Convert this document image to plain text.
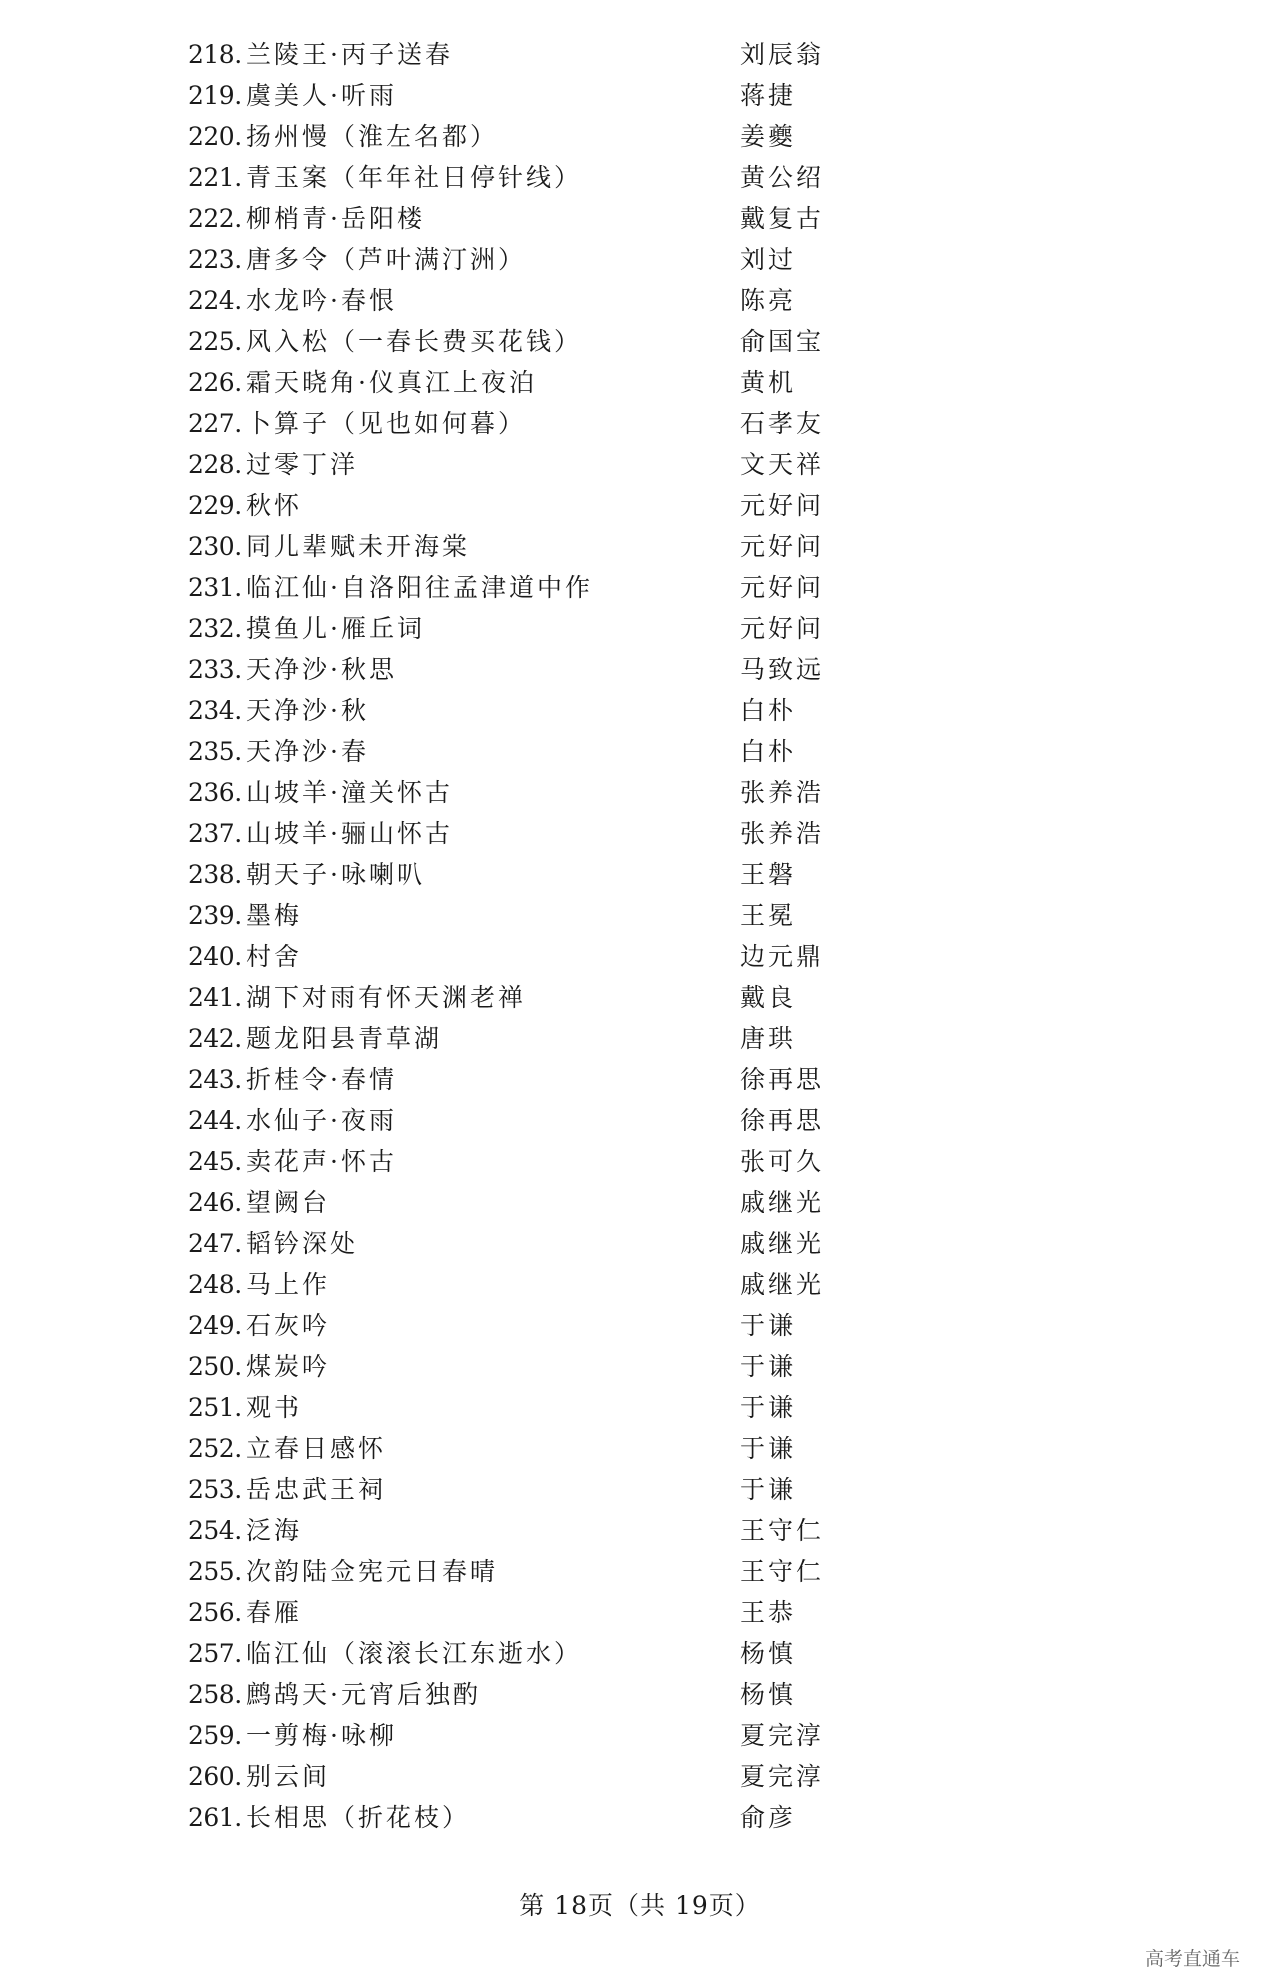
218. 兰陵王·丙子送春	刘辰翁
219. 虞美人·听雨	蒋捷
220. 扬州慢（淮左名都）	姜夔
221. 青玉案（年年社日停针线）	黄公绍
222. 柳梢青·岳阳楼	戴复古
223. 唐多令（芦叶满汀洲）	刘过
224. 水龙吟·春恨	陈亮
225. 风入松（一春长费买花钱）	俞国宝
226. 霜天晓角·仪真江上夜泊	黄机
227. 卜算子（见也如何暮）	石孝友
228. 过零丁洋	文天祥
229. 秋怀	元好问
230. 同儿辈赋未开海棠	元好问
231. 临江仙·自洛阳往孟津道中作	元好问
232. 摸鱼儿·雁丘词	元好问
233. 天净沙·秋思	马致远
234. 天净沙·秋	白朴
235. 天净沙·春	白朴
236. 山坡羊·潼关怀古	张养浩
237. 山坡羊·骊山怀古	张养浩
238. 朝天子·咏喇叭	王磐
239. 墨梅	王冕
240. 村舍	边元鼎
241. 湖下对雨有怀天渊老禅	戴良
242. 题龙阳县青草湖	唐珙
243. 折桂令·春情	徐再思
244. 水仙子·夜雨	徐再思
245. 卖花声·怀古	张可久
246. 望阙台	戚继光
247. 韬钤深处	戚继光
248. 马上作	戚继光
249. 石灰吟	于谦
250. 煤炭吟	于谦
251. 观书	于谦
252. 立春日感怀	于谦
253. 岳忠武王祠	于谦
254. 泛海	王守仁
255. 次韵陆佥宪元日春晴	王守仁
256. 春雁	王恭
257. 临江仙（滚滚长江东逝水）	杨慎
258. 鹧鸪天·元宵后独酌	杨慎
259. 一剪梅·咏柳	夏完淳
260. 别云间	夏完淳
261. 长相思（折花枝）	俞彦
第 18页（共 19页）
高考直通车
